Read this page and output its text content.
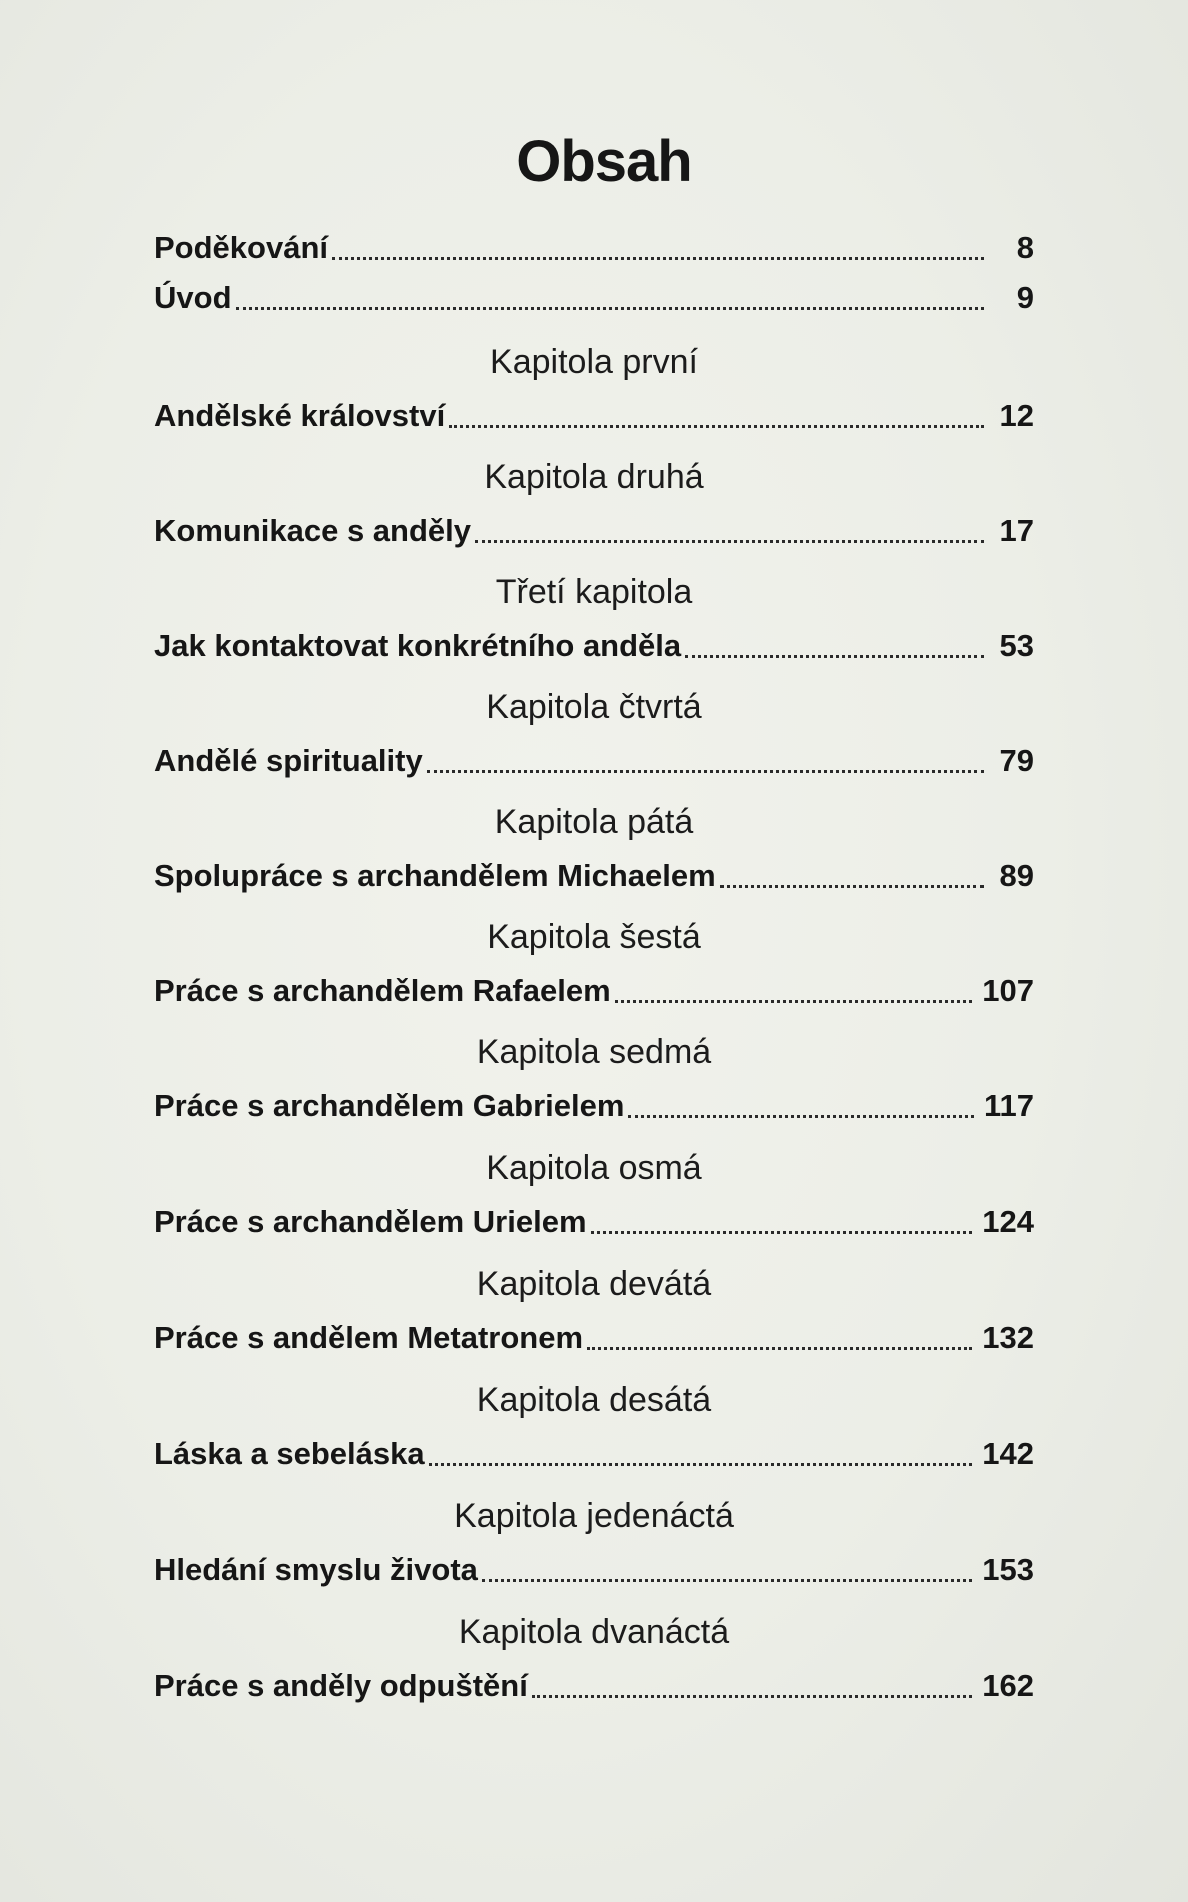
Obsah
Poděkování	8
Úvod	9
Kapitola první
Andělské království	12
Kapitola druhá
Komunikace s anděly	17
Třetí kapitola
Jak kontaktovat konkrétního anděla	53
Kapitola čtvrtá
Andělé spirituality	79
Kapitola pátá
Spolupráce s archandělem Michaelem	89
Kapitola šestá
Práce s archandělem Rafaelem	107
Kapitola sedmá
Práce s archandělem Gabrielem	117
Kapitola osmá
Práce s archandělem Urielem	124
Kapitola devátá
Práce s andělem Metatronem	132
Kapitola desátá
Láska a sebeláska	142
Kapitola jedenáctá
Hledání smyslu života	153
Kapitola dvanáctá
Práce s anděly odpuštění	162
